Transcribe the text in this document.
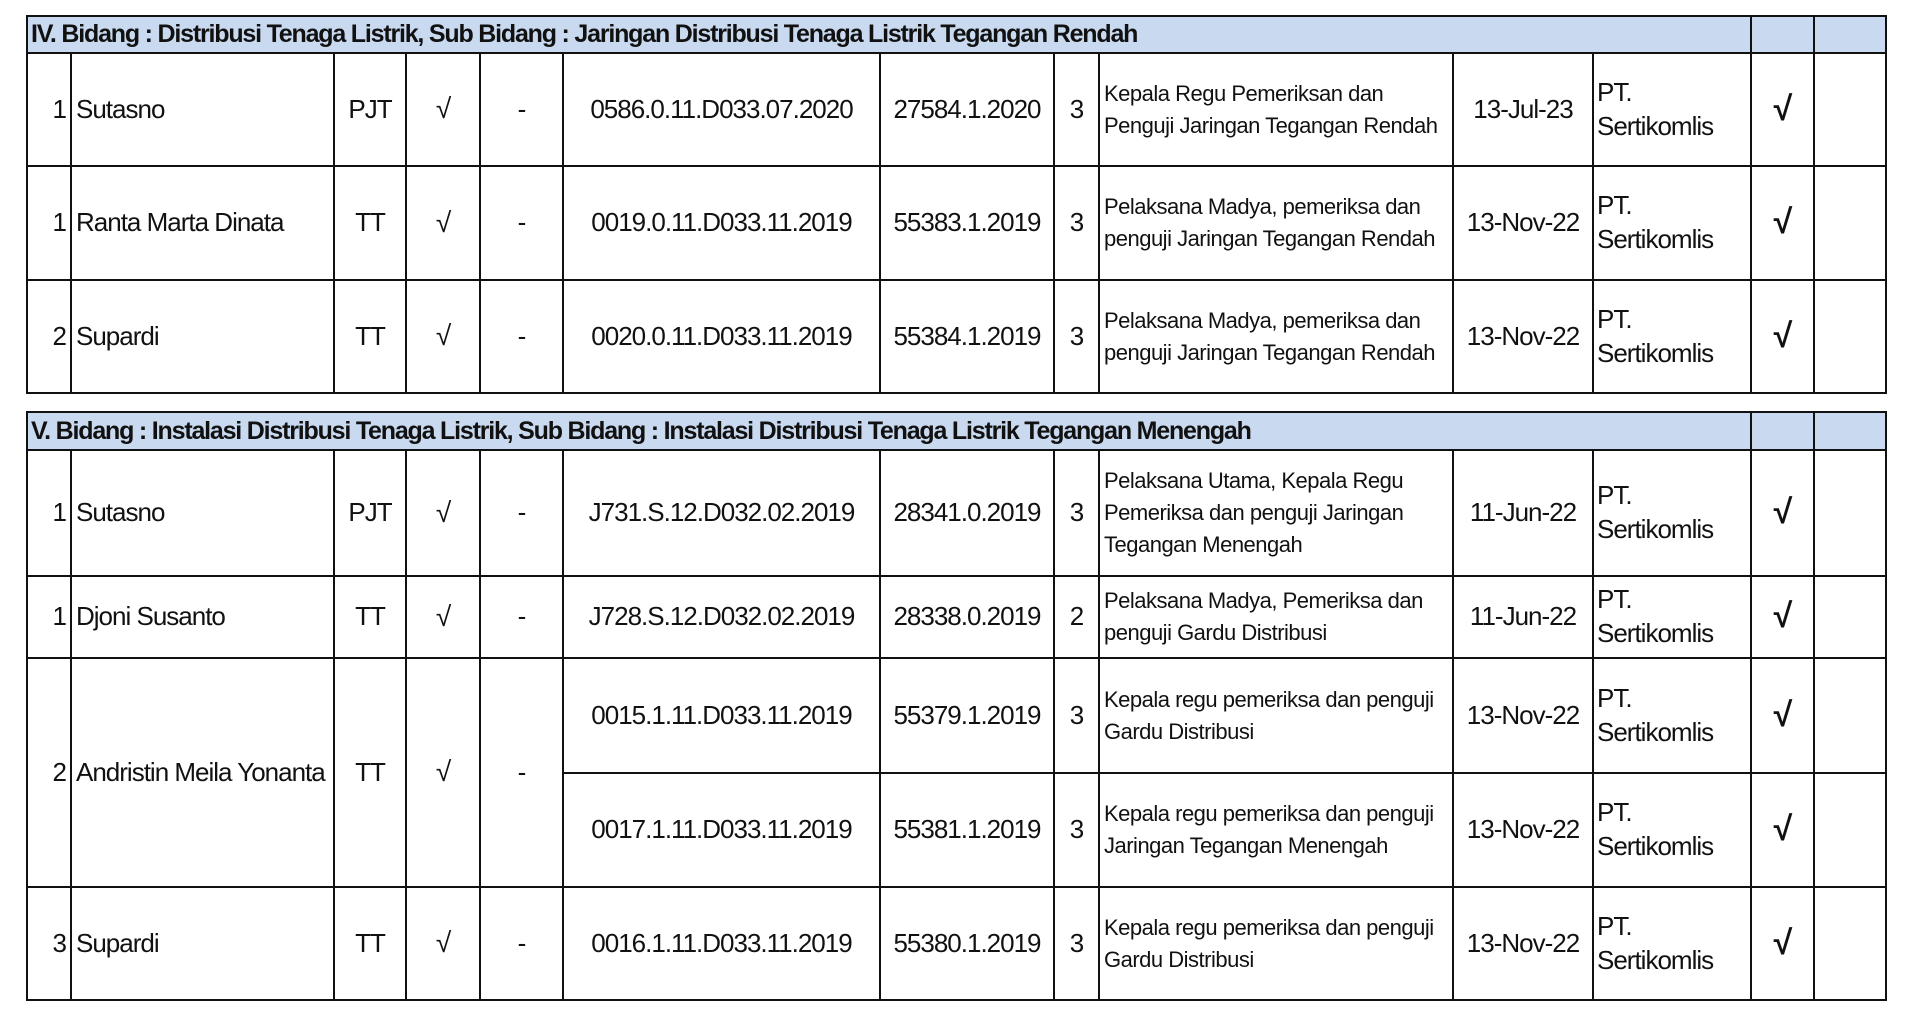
IV. Bidang : Distribusi Tenaga Listrik, Sub Bidang : Jaringan Distribusi Tenaga Listrik Tegangan Rendah												
1	Sutasno	PJT	√	-	0586.0.11.D033.07.2020	27584.1.2020	3	Kepala Regu Pemeriksan dan Penguji Jaringan Tegangan Rendah	13-Jul-23	PT. Sertikomlis	√	
1	Ranta Marta Dinata	TT	√	-	0019.0.11.D033.11.2019	55383.1.2019	3	Pelaksana Madya, pemeriksa dan penguji Jaringan Tegangan Rendah	13-Nov-22	PT. Sertikomlis	√	
2	Supardi	TT	√	-	0020.0.11.D033.11.2019	55384.1.2019	3	Pelaksana Madya, pemeriksa dan penguji Jaringan Tegangan Rendah	13-Nov-22	PT. Sertikomlis	√	
V. Bidang : Instalasi Distribusi Tenaga Listrik, Sub Bidang : Instalasi Distribusi Tenaga Listrik Tegangan Menengah												
1	Sutasno	PJT	√	-	J731.S.12.D032.02.2019	28341.0.2019	3	Pelaksana Utama, Kepala Regu Pemeriksa dan penguji Jaringan Tegangan Menengah	11-Jun-22	PT. Sertikomlis	√	
1	Djoni Susanto	TT	√	-	J728.S.12.D032.02.2019	28338.0.2019	2	Pelaksana Madya, Pemeriksa dan penguji Gardu Distribusi	11-Jun-22	PT. Sertikomlis	√	
2	Andristin Meila Yonanta	TT	√	-	0015.1.11.D033.11.2019	55379.1.2019	3	Kepala regu pemeriksa dan penguji Gardu Distribusi	13-Nov-22	PT. Sertikomlis	√	
					0017.1.11.D033.11.2019	55381.1.2019	3	Kepala regu pemeriksa dan penguji Jaringan Tegangan Menengah	13-Nov-22	PT. Sertikomlis	√	
3	Supardi	TT	√	-	0016.1.11.D033.11.2019	55380.1.2019	3	Kepala regu pemeriksa dan penguji Gardu Distribusi	13-Nov-22	PT. Sertikomlis	√	
